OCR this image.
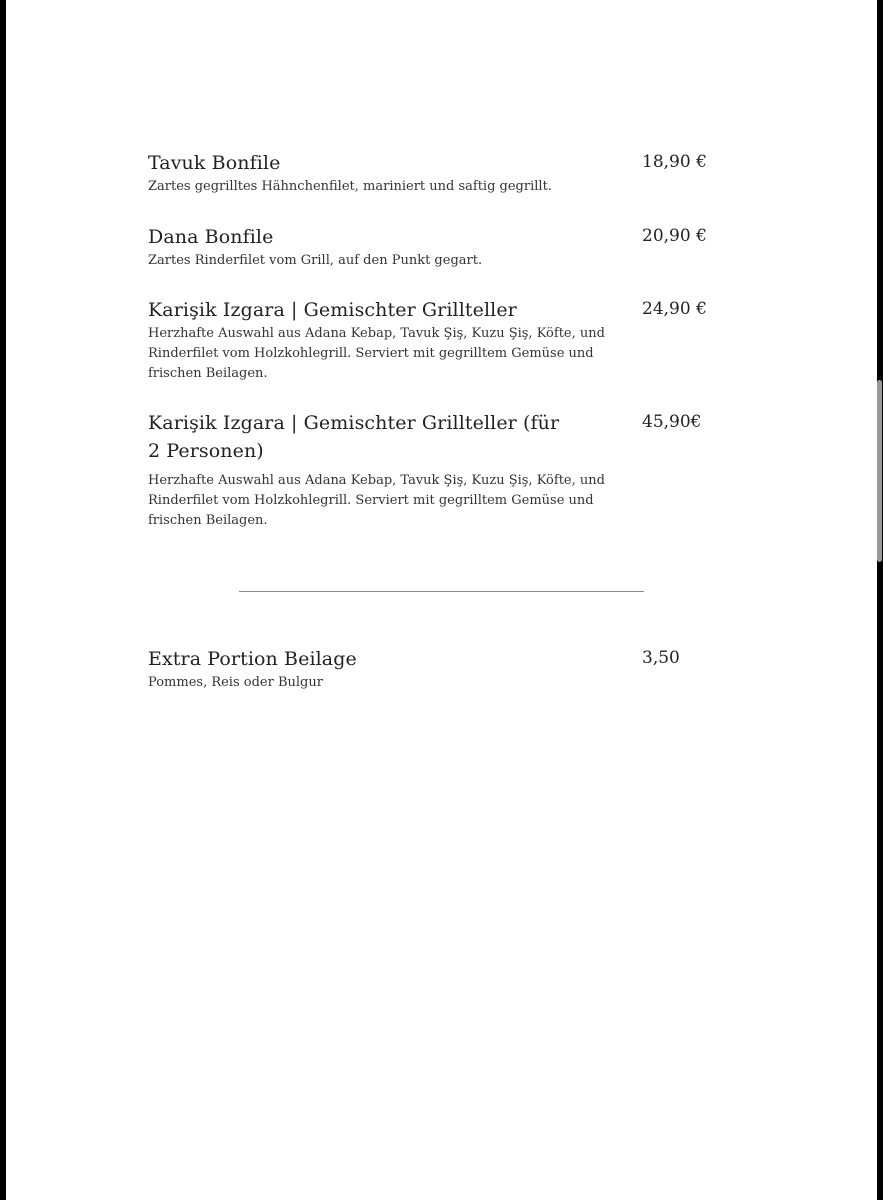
Tavuk Bonfile
Zartes gegrilltes Hähnchenfilet, mariniert und saftig gegrillt.
18,90 €
Dana Bonfile
Zartes Rinderfilet vom Grill, auf den Punkt gegart.
20,90 €
Karişik Izgara | Gemischter Grillteller
Herzhafte Auswahl aus Adana Kebap, Tavuk Şiş, Kuzu Şiş, Köfte, und Rinderfilet vom Holzkohlegrill. Serviert mit gegrilltem Gemüse und frischen Beilagen.
24,90 €
Karişik Izgara | Gemischter Grillteller (für 2 Personen)
Herzhafte Auswahl aus Adana Kebap, Tavuk Şiş, Kuzu Şiş, Köfte, und Rinderfilet vom Holzkohlegrill. Serviert mit gegrilltem Gemüse und frischen Beilagen.
45,90€
Extra Portion Beilage
Pommes, Reis oder Bulgur
3,50
